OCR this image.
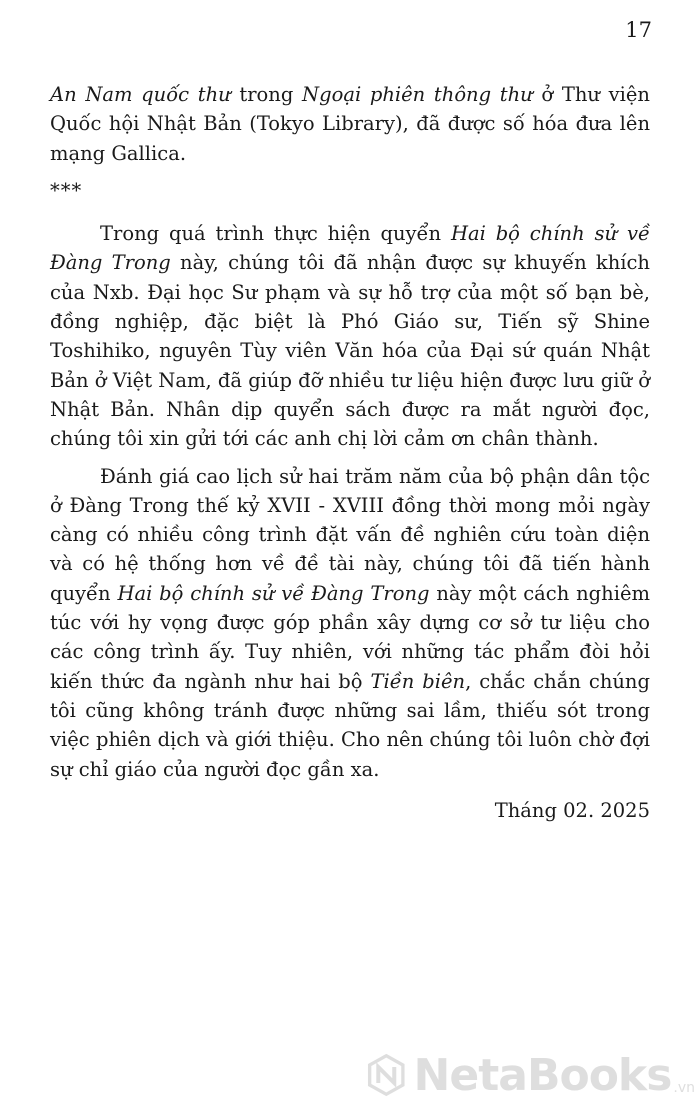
17

An Nam quốc thư trong Ngoại phiên thông thư ở Thư viện Quốc hội Nhật Bản (Tokyo Library), đã được số hóa đưa lên mạng Gallica.

***

Trong quá trình thực hiện quyển Hai bộ chính sử về Đàng Trong này, chúng tôi đã nhận được sự khuyến khích của Nxb. Đại học Sư phạm và sự hỗ trợ của một số bạn bè, đồng nghiệp, đặc biệt là Phó Giáo sư, Tiến sỹ Shine Toshihiko, nguyên Tùy viên Văn hóa của Đại sứ quán Nhật Bản ở Việt Nam, đã giúp đỡ nhiều tư liệu hiện được lưu giữ ở Nhật Bản. Nhân dịp quyển sách được ra mắt người đọc, chúng tôi xin gửi tới các anh chị lời cảm ơn chân thành.

Đánh giá cao lịch sử hai trăm năm của bộ phận dân tộc ở Đàng Trong thế kỷ XVII - XVIII đồng thời mong mỏi ngày càng có nhiều công trình đặt vấn đề nghiên cứu toàn diện và có hệ thống hơn về đề tài này, chúng tôi đã tiến hành quyển Hai bộ chính sử về Đàng Trong này một cách nghiêm túc với hy vọng được góp phần xây dựng cơ sở tư liệu cho các công trình ấy. Tuy nhiên, với những tác phẩm đòi hỏi kiến thức đa ngành như hai bộ Tiền biên, chắc chắn chúng tôi cũng không tránh được những sai lầm, thiếu sót trong việc phiên dịch và giới thiệu. Cho nên chúng tôi luôn chờ đợi sự chỉ giáo của người đọc gần xa.

Tháng 02. 2025

NetaBooks .vn
